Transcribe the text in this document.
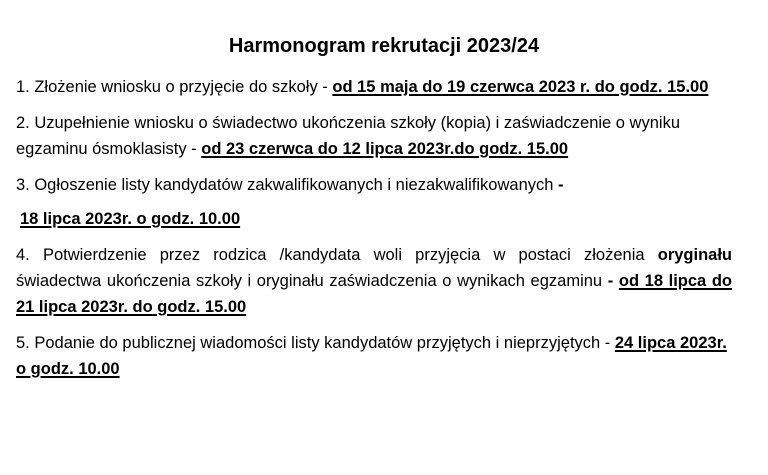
Harmonogram rekrutacji 2023/24

1. Złożenie wniosku o przyjęcie do szkoły - od 15 maja do 19 czerwca 2023 r. do godz. 15.00

2. Uzupełnienie wniosku o świadectwo ukończenia szkoły (kopia) i zaświadczenie o wyniku egzaminu ósmoklasisty - od 23 czerwca do 12 lipca 2023r.do godz. 15.00

3. Ogłoszenie listy kandydatów zakwalifikowanych i niezakwalifikowanych -

18 lipca 2023r. o godz. 10.00

4. Potwierdzenie przez rodzica /kandydata woli przyjęcia w postaci złożenia oryginału świadectwa ukończenia szkoły i oryginału zaświadczenia o wynikach egzaminu - od 18 lipca do 21 lipca 2023r. do godz. 15.00

5. Podanie do publicznej wiadomości listy kandydatów przyjętych i nieprzyjętych - 24 lipca 2023r. o godz. 10.00
